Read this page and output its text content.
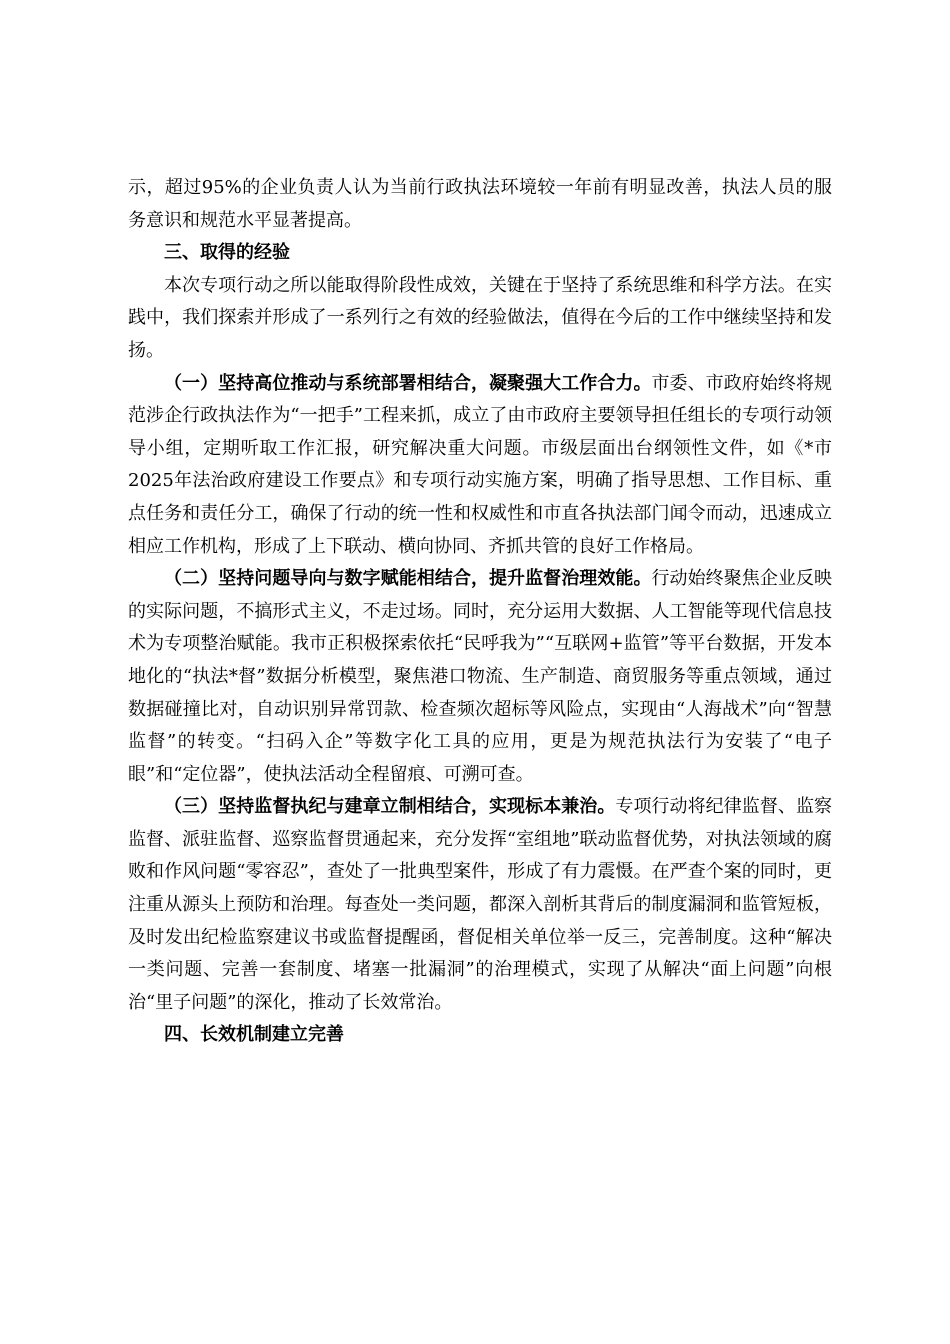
示，超过95%的企业负责人认为当前行政执法环境较一年前有明显改善，执法人员的服务意识和规范水平显著提高。

三、取得的经验

本次专项行动之所以能取得阶段性成效，关键在于坚持了系统思维和科学方法。在实践中，我们探索并形成了一系列行之有效的经验做法，值得在今后的工作中继续坚持和发扬。

（一）坚持高位推动与系统部署相结合，凝聚强大工作合力。市委、市政府始终将规范涉企行政执法作为“一把手”工程来抓，成立了由市政府主要领导担任组长的专项行动领导小组，定期听取工作汇报，研究解决重大问题。市级层面出台纲领性文件，如《*市2025年法治政府建设工作要点》和专项行动实施方案，明确了指导思想、工作目标、重点任务和责任分工，确保了行动的统一性和权威性和市直各执法部门闻令而动，迅速成立相应工作机构，形成了上下联动、横向协同、齐抓共管的良好工作格局。

（二）坚持问题导向与数字赋能相结合，提升监督治理效能。行动始终聚焦企业反映的实际问题，不搞形式主义，不走过场。同时，充分运用大数据、人工智能等现代信息技术为专项整治赋能。我市正积极探索依托“民呼我为”“互联网+监管”等平台数据，开发本地化的“执法*督”数据分析模型，聚焦港口物流、生产制造、商贸服务等重点领域，通过数据碰撞比对，自动识别异常罚款、检查频次超标等风险点，实现由“人海战术”向“智慧监督”的转变。“扫码入企”等数字化工具的应用，更是为规范执法行为安装了“电子眼”和“定位器”，使执法活动全程留痕、可溯可查。

（三）坚持监督执纪与建章立制相结合，实现标本兼治。专项行动将纪律监督、监察监督、派驻监督、巡察监督贯通起来，充分发挥“室组地”联动监督优势，对执法领域的腐败和作风问题“零容忍”，查处了一批典型案件，形成了有力震慑。在严查个案的同时，更注重从源头上预防和治理。每查处一类问题，都深入剖析其背后的制度漏洞和监管短板，及时发出纪检监察建议书或监督提醒函，督促相关单位举一反三，完善制度。这种“解决一类问题、完善一套制度、堵塞一批漏洞”的治理模式，实现了从解决“面上问题”向根治“里子问题”的深化，推动了长效常治。

四、长效机制建立完善
